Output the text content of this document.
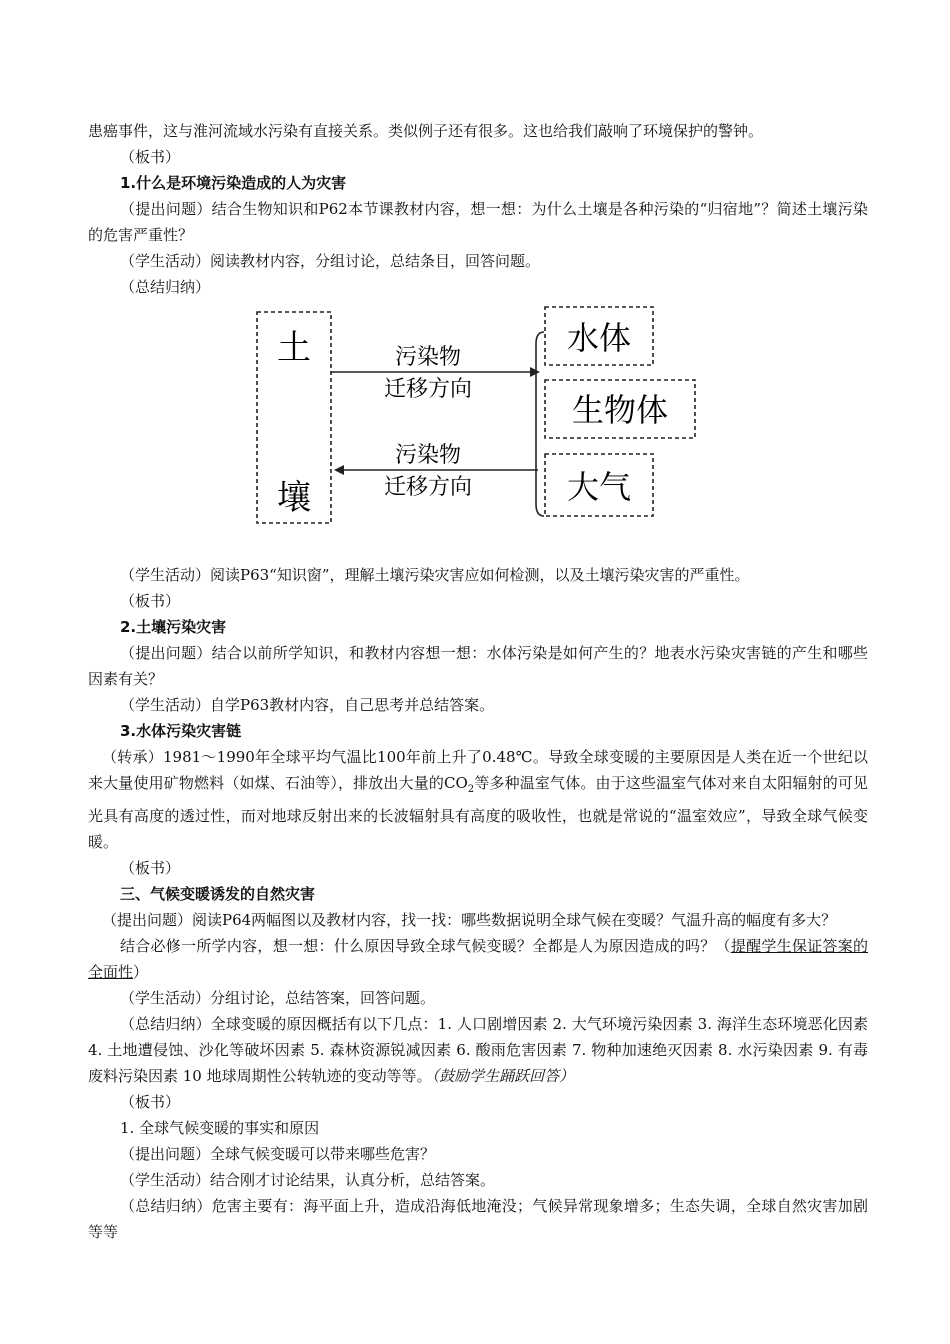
患癌事件，这与淮河流域水污染有直接关系。类似例子还有很多。这也给我们敲响了环境保护的警钟。

（板书）

1.什么是环境污染造成的人为灾害

（提出问题）结合生物知识和P62本节课教材内容，想一想：为什么土壤是各种污染的“归宿地”？简述土壤污染的危害严重性？

（学生活动）阅读教材内容，分组讨论，总结条目，回答问题。

（总结归纳）

土
壤
污染物
迁移方向
污染物
迁移方向
水体
生物体
大气

（学生活动）阅读P63“知识窗”，理解土壤污染灾害应如何检测，以及土壤污染灾害的严重性。

（板书）

2.土壤污染灾害

（提出问题）结合以前所学知识，和教材内容想一想：水体污染是如何产生的？地表水污染灾害链的产生和哪些因素有关？

（学生活动）自学P63教材内容，自己思考并总结答案。

3.水体污染灾害链

（转承）1981～1990年全球平均气温比100年前上升了0.48℃。导致全球变暖的主要原因是人类在近一个世纪以来大量使用矿物燃料（如煤、石油等），排放出大量的$CO_2$等多种温室气体。由于这些温室气体对来自太阳辐射的可见光具有高度的透过性，而对地球反射出来的长波辐射具有高度的吸收性，也就是常说的“温室效应”，导致全球气候变暖。

（板书）

三、气候变暖诱发的自然灾害

（提出问题）阅读P64两幅图以及教材内容，找一找：哪些数据说明全球气候在变暖？气温升高的幅度有多大？

结合必修一所学内容，想一想：什么原因导致全球气候变暖？全都是人为原因造成的吗？（提醒学生保证答案的全面性）

（学生活动）分组讨论，总结答案，回答问题。

（总结归纳）全球变暖的原因概括有以下几点：1. 人口剧增因素 2. 大气环境污染因素 3. 海洋生态环境恶化因素 4. 土地遭侵蚀、沙化等破坏因素 5. 森林资源锐减因素 6. 酸雨危害因素 7. 物种加速绝灭因素 8. 水污染因素 9. 有毒废料污染因素 10 地球周期性公转轨迹的变动等等。（鼓励学生踊跃回答）

（板书）

1. 全球气候变暖的事实和原因

（提出问题）全球气候变暖可以带来哪些危害？

（学生活动）结合刚才讨论结果，认真分析，总结答案。

（总结归纳）危害主要有：海平面上升，造成沿海低地淹没；气候异常现象增多；生态失调，全球自然灾害加剧等等
